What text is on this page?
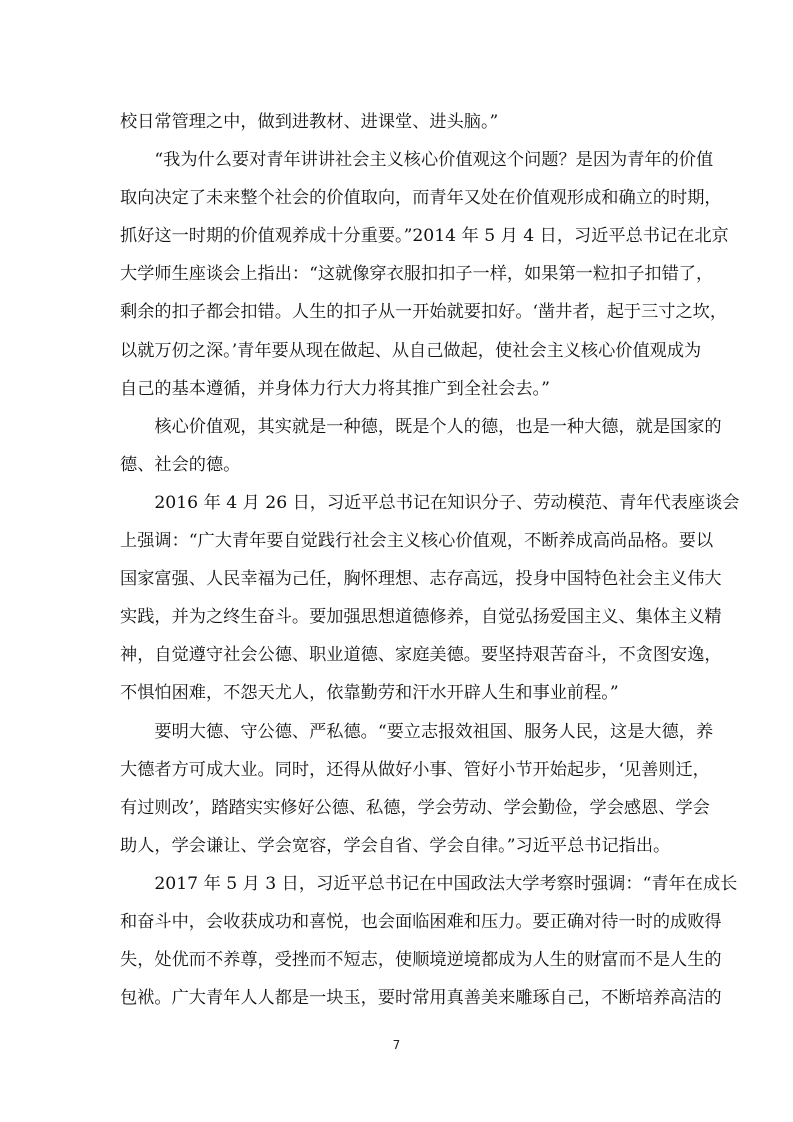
校日常管理之中，做到进教材、进课堂、进头脑。”
　　“我为什么要对青年讲讲社会主义核心价值观这个问题？是因为青年的价值
取向决定了未来整个社会的价值取向，而青年又处在价值观形成和确立的时期，
抓好这一时期的价值观养成十分重要。”2014 年 5 月 4 日，习近平总书记在北京
大学师生座谈会上指出：“这就像穿衣服扣扣子一样，如果第一粒扣子扣错了，
剩余的扣子都会扣错。人生的扣子从一开始就要扣好。‘凿井者，起于三寸之坎，
以就万仞之深。’青年要从现在做起、从自己做起，使社会主义核心价值观成为
自己的基本遵循，并身体力行大力将其推广到全社会去。”
　　核心价值观，其实就是一种德，既是个人的德，也是一种大德，就是国家的
德、社会的德。
　　2016 年 4 月 26 日，习近平总书记在知识分子、劳动模范、青年代表座谈会
上强调：“广大青年要自觉践行社会主义核心价值观，不断养成高尚品格。要以
国家富强、人民幸福为己任，胸怀理想、志存高远，投身中国特色社会主义伟大
实践，并为之终生奋斗。要加强思想道德修养，自觉弘扬爱国主义、集体主义精
神，自觉遵守社会公德、职业道德、家庭美德。要坚持艰苦奋斗，不贪图安逸，
不惧怕困难，不怨天尤人，依靠勤劳和汗水开辟人生和事业前程。”
　　要明大德、守公德、严私德。“要立志报效祖国、服务人民，这是大德，养
大德者方可成大业。同时，还得从做好小事、管好小节开始起步，‘见善则迁，
有过则改’，踏踏实实修好公德、私德，学会劳动、学会勤俭，学会感恩、学会
助人，学会谦让、学会宽容，学会自省、学会自律。”习近平总书记指出。
　　2017 年 5 月 3 日，习近平总书记在中国政法大学考察时强调：“青年在成长
和奋斗中，会收获成功和喜悦，也会面临困难和压力。要正确对待一时的成败得
失，处优而不养尊，受挫而不短志，使顺境逆境都成为人生的财富而不是人生的
包袱。广大青年人人都是一块玉，要时常用真善美来雕琢自己，不断培养高洁的
7
